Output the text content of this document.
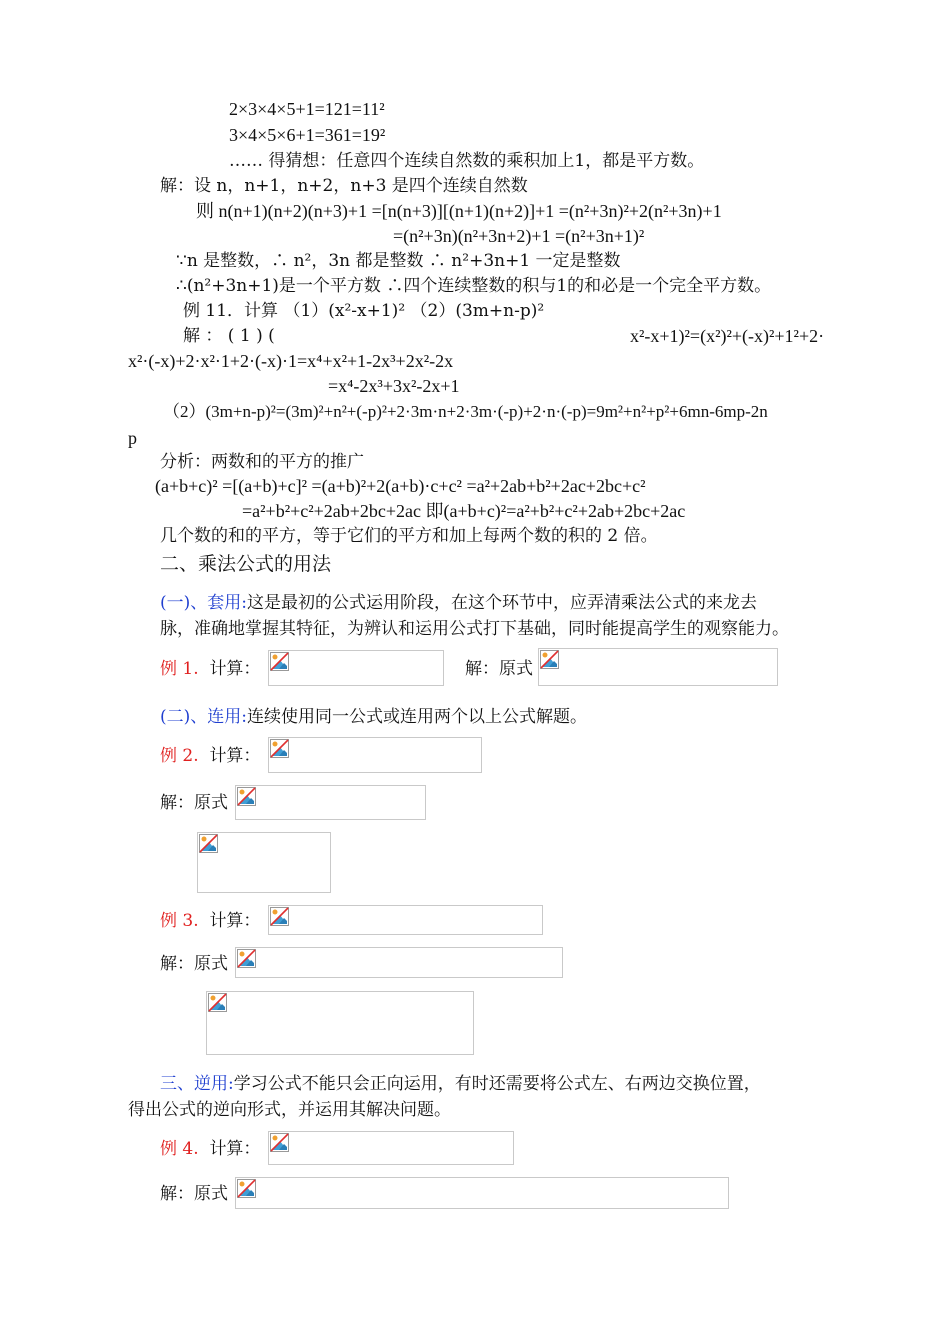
2×3×4×5+1=121=11²
3×4×5×6+1=361=19²
…… 得猜想：任意四个连续自然数的乘积加上1，都是平方数。
解：设 n，n+1，n+2，n+3 是四个连续自然数
则 n(n+1)(n+2)(n+3)+1 =[n(n+3)][(n+1)(n+2)]+1 =(n²+3n)²+2(n²+3n)+1
=(n²+3n)(n²+3n+2)+1 =(n²+3n+1)²
∵n 是整数，∴ n²，3n 都是整数 ∴ n²+3n+1 一定是整数
∴(n²+3n+1)是一个平方数 ∴四个连续整数的积与1的和必是一个完全平方数。
例 11．计算 （1）(x²-x+1)² （2）(3m+n-p)²
解 ： ( 1 ) (	x²-x+1)²=(x²)²+(-x)²+1²+2·
x²·(-x)+2·x²·1+2·(-x)·1=x⁴+x²+1-2x³+2x²-2x
=x⁴-2x³+3x²-2x+1
（2）(3m+n-p)²=(3m)²+n²+(-p)²+2·3m·n+2·3m·(-p)+2·n·(-p)=9m²+n²+p²+6mn-6mp-2n
p
分析：两数和的平方的推广
(a+b+c)² =[(a+b)+c]² =(a+b)²+2(a+b)·c+c² =a²+2ab+b²+2ac+2bc+c²
=a²+b²+c²+2ab+2bc+2ac 即(a+b+c)²=a²+b²+c²+2ab+2bc+2ac
几个数的和的平方，等于它们的平方和加上每两个数的积的 2 倍。
二、乘法公式的用法
(一)、套用:这是最初的公式运用阶段，在这个环节中，应弄清乘法公式的来龙去
脉，准确地掌握其特征，为辨认和运用公式打下基础，同时能提高学生的观察能力。
例 1. 计算：	解：原式
(二)、连用:连续使用同一公式或连用两个以上公式解题。
例 2. 计算：
解：原式
例 3. 计算：
解：原式
三、逆用:学习公式不能只会正向运用，有时还需要将公式左、右两边交换位置，
得出公式的逆向形式，并运用其解决问题。
例 4. 计算：
解：原式
